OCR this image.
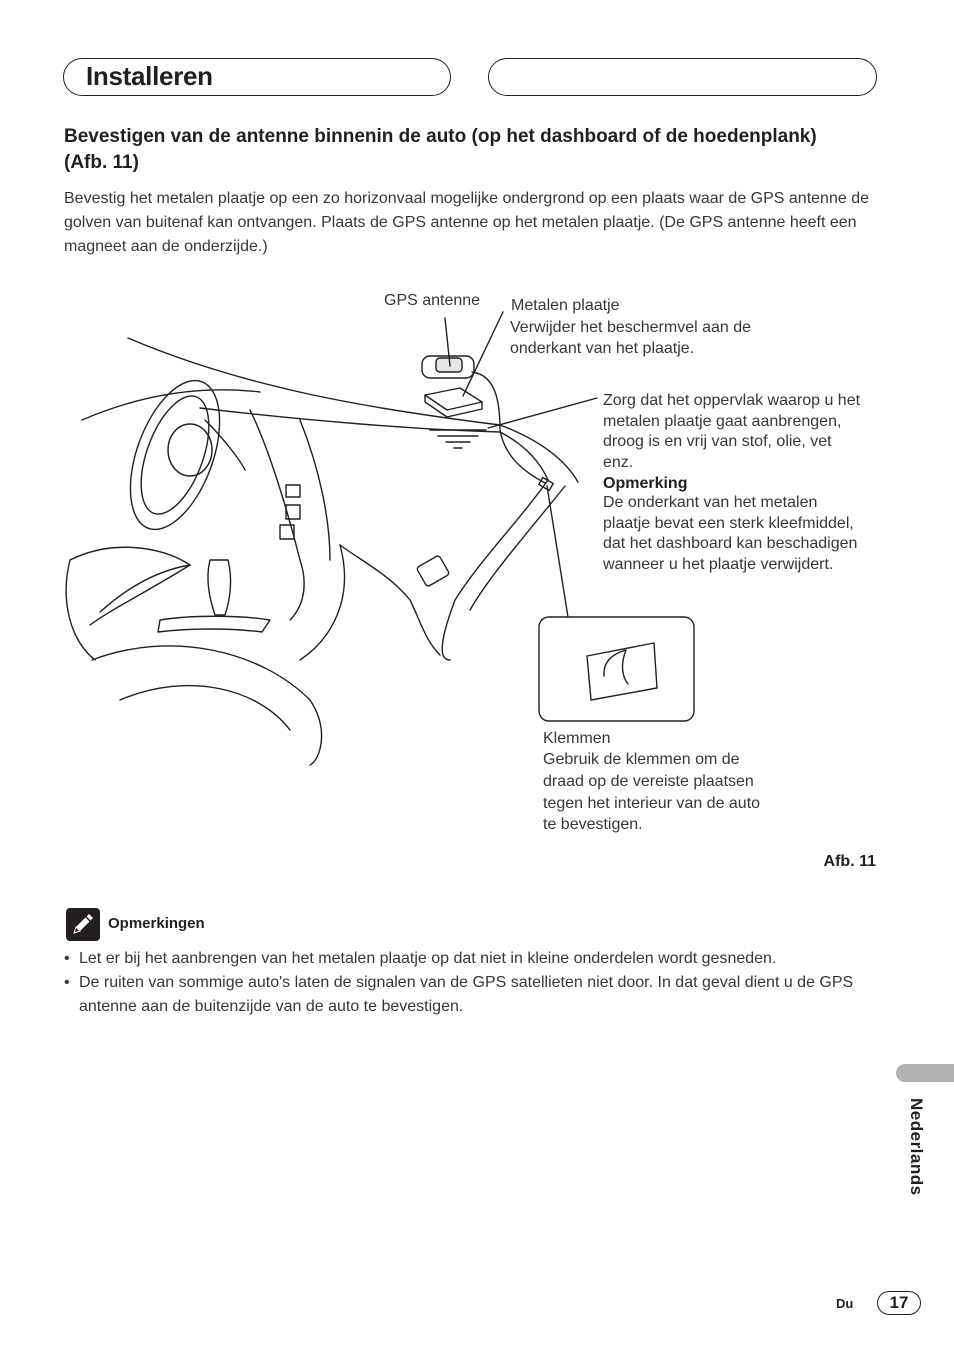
Installeren
Bevestigen van de antenne binnenin de auto (op het dashboard of de hoedenplank) (Afb. 11)
Bevestig het metalen plaatje op een zo horizonvaal mogelijke ondergrond op een plaats waar de GPS antenne de golven van buitenaf kan ontvangen. Plaats de GPS antenne op het metalen plaatje. (De GPS antenne heeft een magneet aan de onderzijde.)
GPS antenne Metalen plaatje
Verwijder het beschermvel aan de onderkant van het plaatje.
Zorg dat het oppervlak waarop u het metalen plaatje gaat aanbrengen, droog is en vrij van stof, olie, vet enz.
Opmerking
De onderkant van het metalen plaatje bevat een sterk kleefmiddel, dat het dashboard kan beschadigen wanneer u het plaatje verwijdert.
Klemmen
Gebruik de klemmen om de draad op de vereiste plaatsen tegen het interieur van de auto te bevestigen.
Afb. 11
Opmerkingen
• Let er bij het aanbrengen van het metalen plaatje op dat niet in kleine onderdelen wordt gesneden.
• De ruiten van sommige auto's laten de signalen van de GPS satellieten niet door. In dat geval dient u de GPS antenne aan de buitenzijde van de auto te bevestigen.
Nederlands
Du	17
